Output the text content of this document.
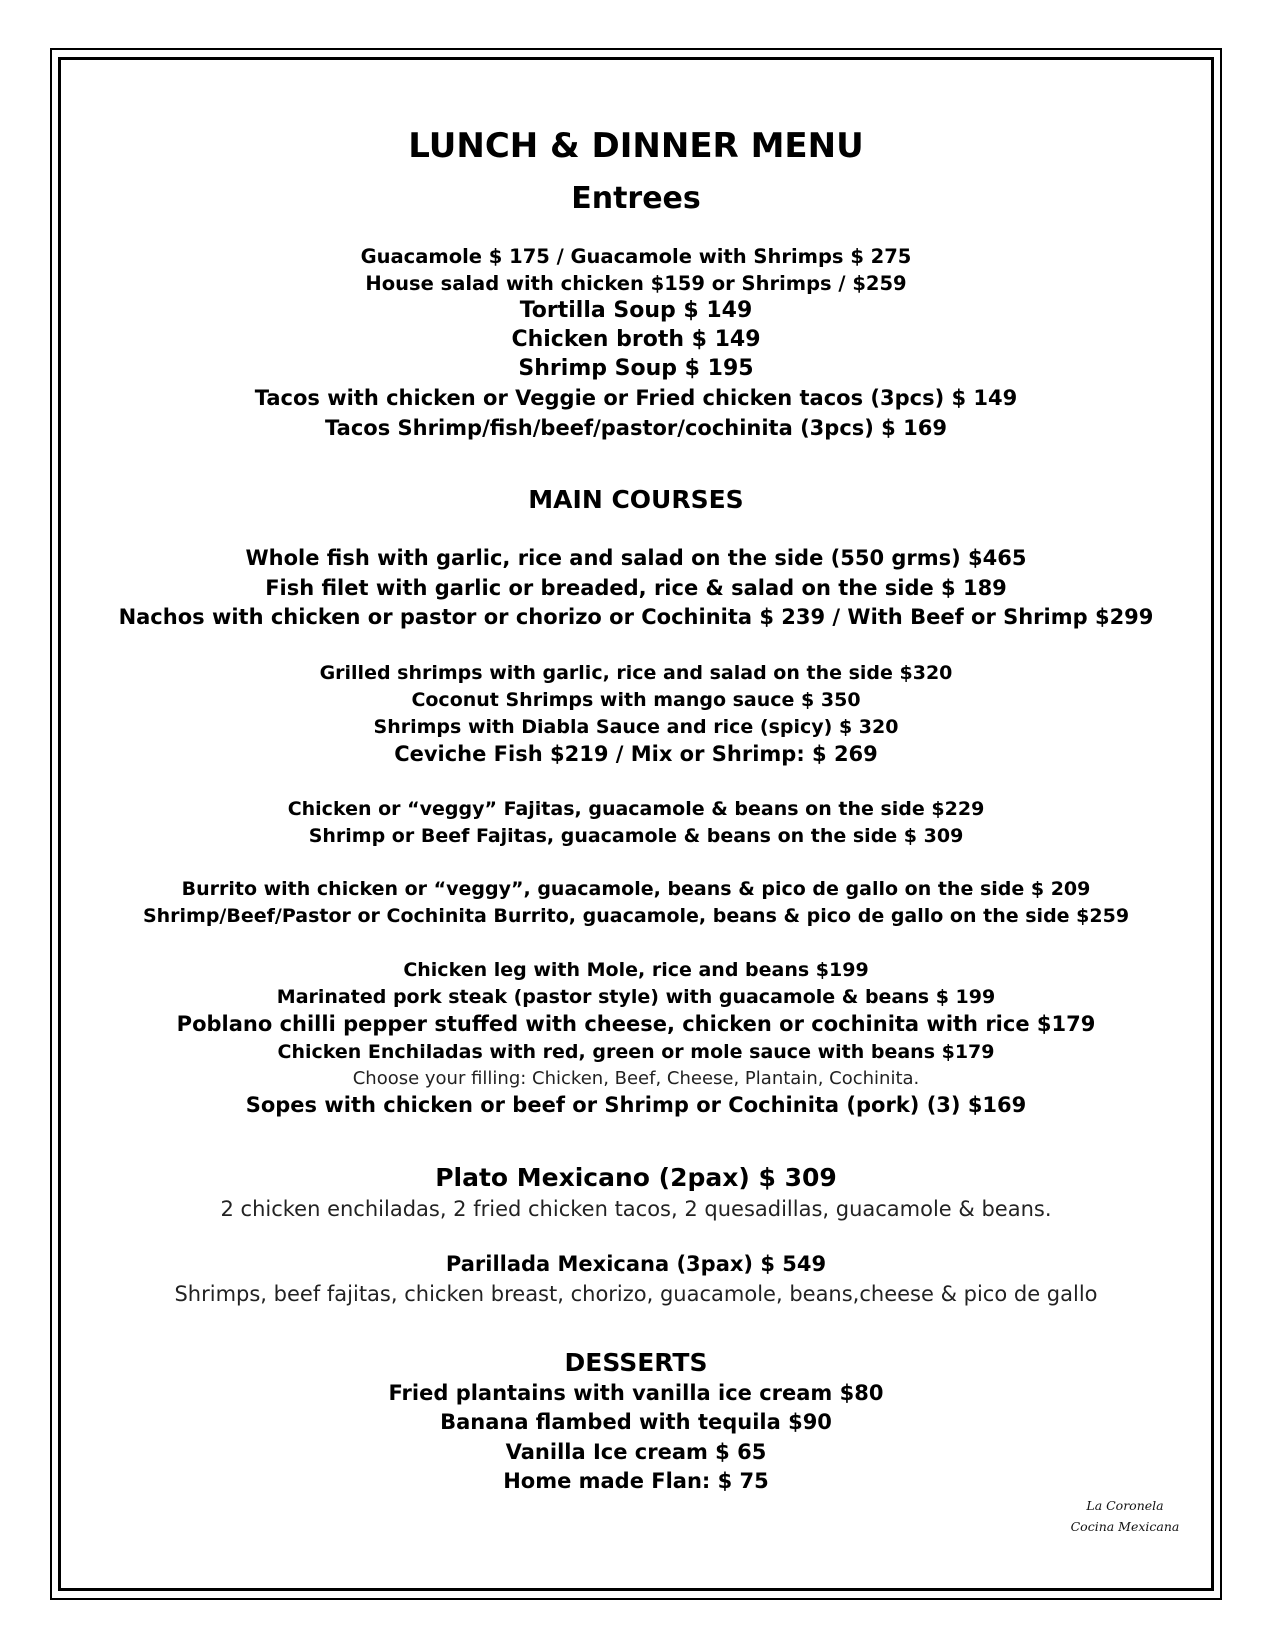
LUNCH & DINNER MENU
Entrees
Guacamole $ 175 / Guacamole with Shrimps $ 275
House salad with chicken $159 or Shrimps / $259
Tortilla Soup $ 149
Chicken broth $ 149
Shrimp Soup $ 195
Tacos with chicken or Veggie or Fried chicken tacos (3pcs) $ 149
Tacos Shrimp/fish/beef/pastor/cochinita (3pcs) $ 169
MAIN COURSES
Whole fish with garlic, rice and salad on the side (550 grms) $465
Fish filet with garlic or breaded, rice & salad on the side $ 189
Nachos with chicken or pastor or chorizo or Cochinita $ 239 / With Beef or Shrimp $299
Grilled shrimps with garlic, rice and salad on the side $320
Coconut Shrimps with mango sauce $ 350
Shrimps with Diabla Sauce and rice (spicy) $ 320
Ceviche Fish $219 / Mix or Shrimp: $ 269
Chicken or “veggy” Fajitas, guacamole & beans on the side $229
Shrimp or Beef Fajitas, guacamole & beans on the side $ 309
Burrito with chicken or “veggy”, guacamole, beans & pico de gallo on the side $ 209
Shrimp/Beef/Pastor or Cochinita Burrito, guacamole, beans & pico de gallo on the side $259
Chicken leg with Mole, rice and beans $199
Marinated pork steak (pastor style) with guacamole & beans $ 199
Poblano chilli pepper stuffed with cheese, chicken or cochinita with rice $179
Chicken Enchiladas with red, green or mole sauce with beans $179
Choose your filling: Chicken, Beef, Cheese, Plantain, Cochinita.
Sopes with chicken or beef or Shrimp or Cochinita (pork) (3) $169
Plato Mexicano (2pax) $ 309
2 chicken enchiladas, 2 fried chicken tacos, 2 quesadillas, guacamole & beans.
Parillada Mexicana (3pax) $ 549
Shrimps, beef fajitas, chicken breast, chorizo, guacamole, beans,cheese & pico de gallo
DESSERTS
Fried plantains with vanilla ice cream $80
Banana flambed with tequila $90
Vanilla Ice cream $ 65
Home made Flan: $ 75
La Coronela
Cocina Mexicana
